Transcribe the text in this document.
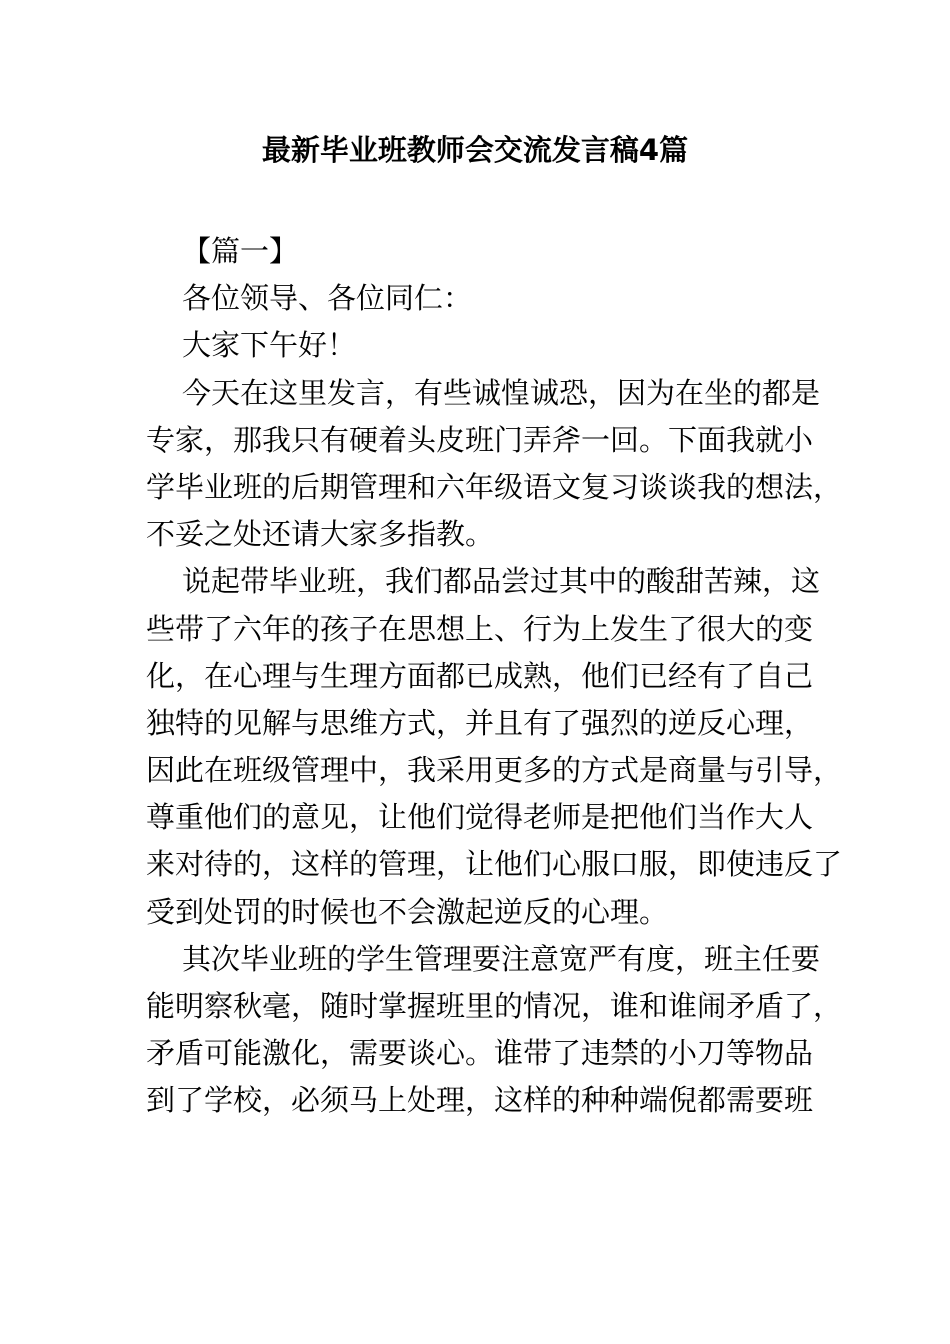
最新毕业班教师会交流发言稿4篇
【篇一】
各位领导、各位同仁：
大家下午好！
今天在这里发言，有些诚惶诚恐，因为在坐的都是
专家，那我只有硬着头皮班门弄斧一回。下面我就小
学毕业班的后期管理和六年级语文复习谈谈我的想法，
不妥之处还请大家多指教。
说起带毕业班，我们都品尝过其中的酸甜苦辣，这
些带了六年的孩子在思想上、行为上发生了很大的变
化，在心理与生理方面都已成熟，他们已经有了自己
独特的见解与思维方式，并且有了强烈的逆反心理，
因此在班级管理中，我采用更多的方式是商量与引导，
尊重他们的意见，让他们觉得老师是把他们当作大人
来对待的，这样的管理，让他们心服口服，即使违反了
受到处罚的时候也不会激起逆反的心理。
其次毕业班的学生管理要注意宽严有度，班主任要
能明察秋毫，随时掌握班里的情况，谁和谁闹矛盾了，
矛盾可能激化，需要谈心。谁带了违禁的小刀等物品
到了学校，必须马上处理，这样的种种端倪都需要班
